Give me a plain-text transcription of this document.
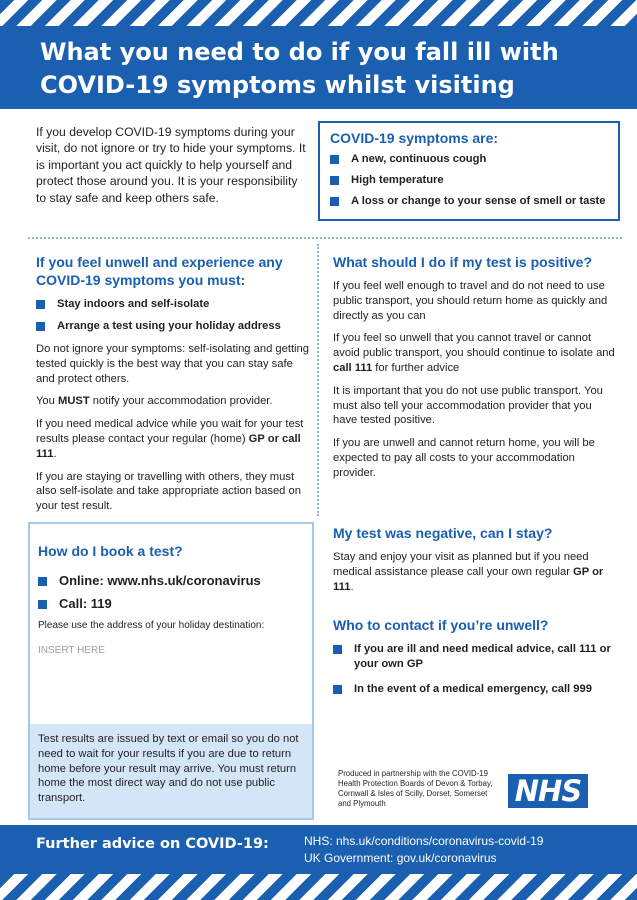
What you need to do if you fall ill with
COVID-19 symptoms whilst visiting

If you develop COVID-19 symptoms during your visit, do not ignore or try to hide your symptoms. It is important you act quickly to help yourself and protect those around you. It is your responsibility to stay safe and keep others safe.

COVID-19 symptoms are:
A new, continuous cough
High temperature
A loss or change to your sense of smell or taste
If you feel unwell and experience any COVID-19 symptoms you must:
Stay indoors and self-isolate
Arrange a test using your holiday address

Do not ignore your symptoms: self-isolating and getting tested quickly is the best way that you can stay safe and protect others.

You MUST notify your accommodation provider.

If you need medical advice while you wait for your test results please contact your regular (home) GP or call 111.

If you are staying or travelling with others, they must also self-isolate and take appropriate action based on your test result.

What should I do if my test is positive?

If you feel well enough to travel and do not need to use public transport, you should return home as quickly and directly as you can

If you feel so unwell that you cannot travel or cannot avoid public transport, you should continue to isolate and call 111 for further advice

It is important that you do not use public transport. You must also tell your accommodation provider that you have tested positive.

If you are unwell and cannot return home, you will be expected to pay all costs to your accommodation provider.

How do I book a test?
Online: www.nhs.uk/coronavirus
Call: 119

Please use the address of your holiday destination:

INSERT HERE

Test results are issued by text or email so you do not need to wait for your results if you are due to return home before your result may arrive. You must return home the most direct way and do not use public transport.
My test was negative, can I stay?

Stay and enjoy your visit as planned but if you need medical assistance please call your own regular GP or 111.

Who to contact if you’re unwell?
If you are ill and need medical advice, call 111 or your own GP
In the event of a medical emergency, call 999

Produced in partnership with the COVID-19 Health Protection Boards of Devon & Torbay, Cornwall & Isles of Scilly, Dorset, Somerset and Plymouth	NHS
Further advice on COVID-19:	NHS: nhs.uk/conditions/coronavirus-covid-19
UK Government: gov.uk/coronavirus
